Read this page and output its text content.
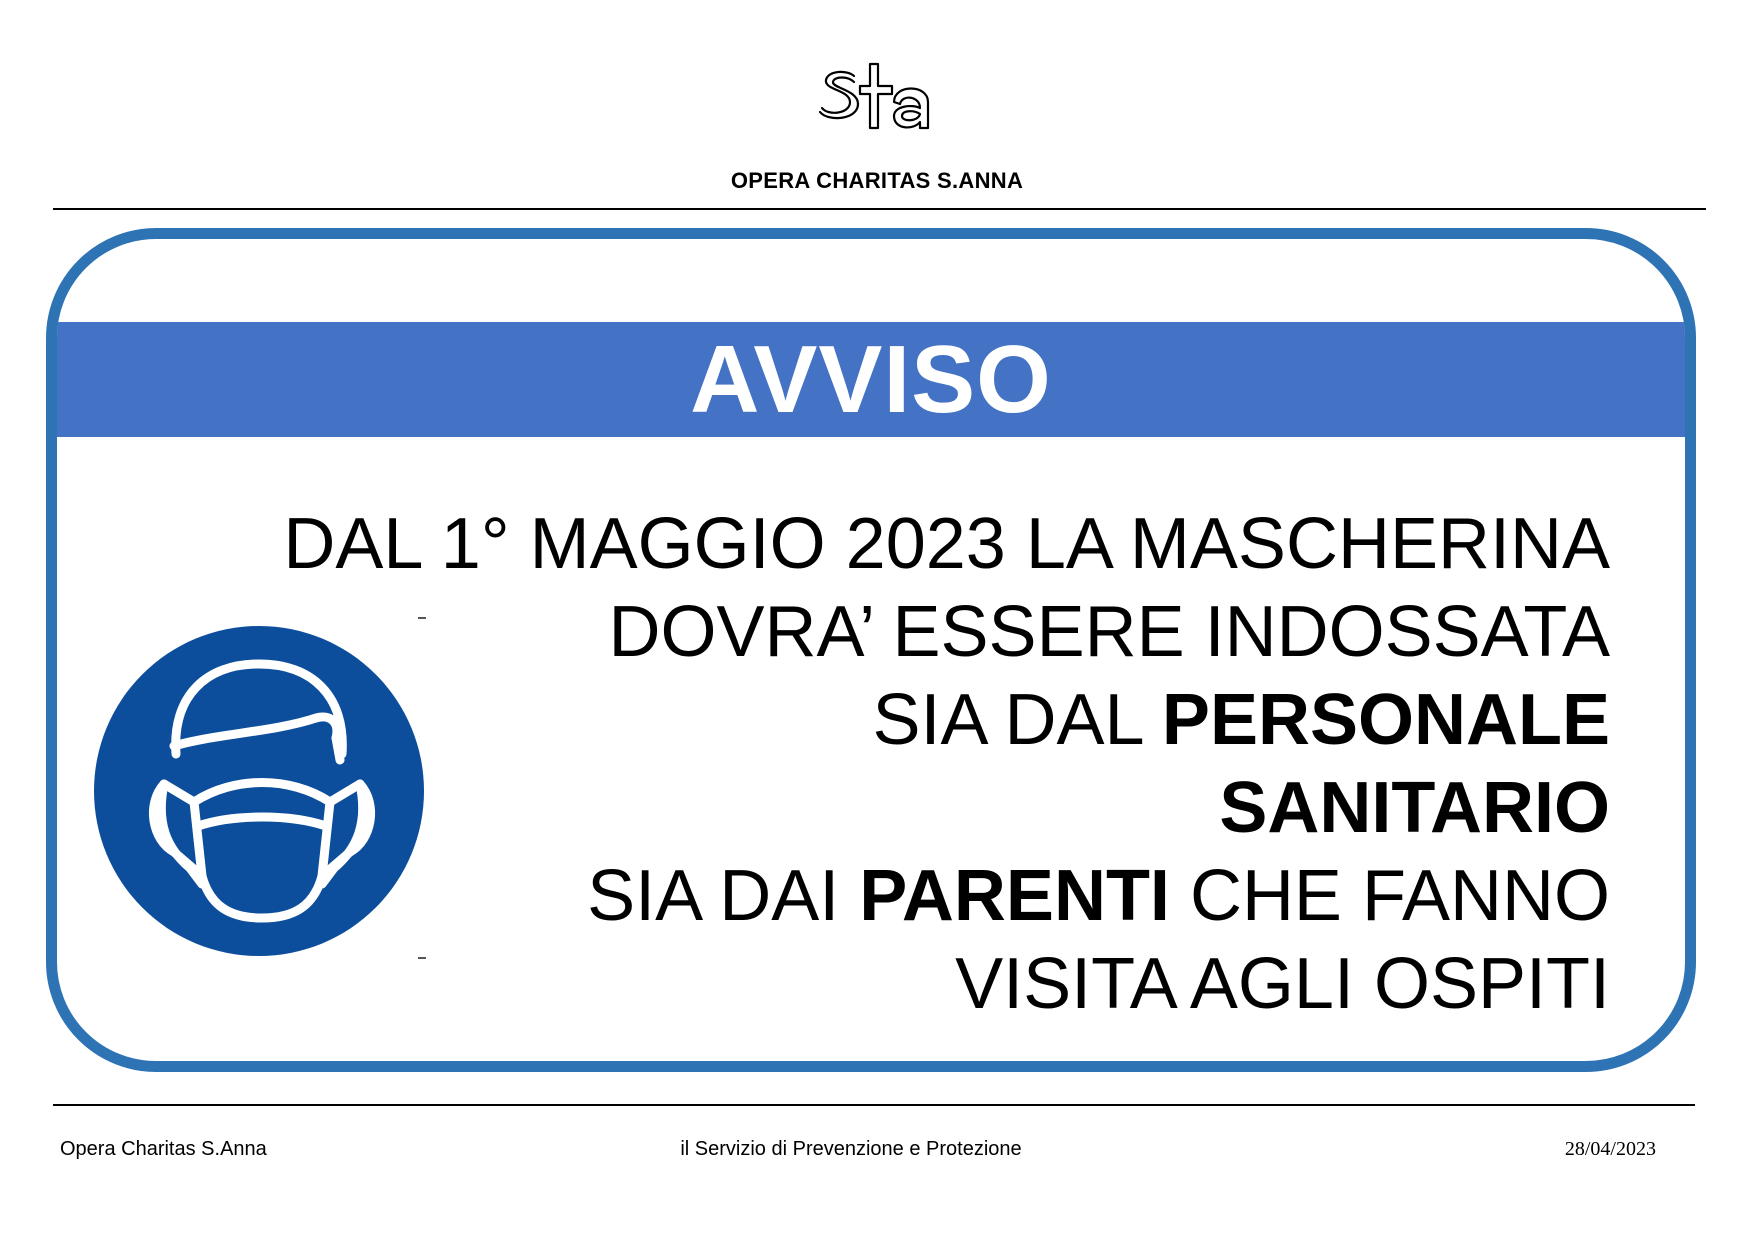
OPERA CHARITAS S.ANNA
AVVISO
DAL 1° MAGGIO 2023 LA MASCHERINA
DOVRA’ ESSERE INDOSSATA
SIA DAL PERSONALE
SANITARIO
SIA DAI PARENTI CHE FANNO
VISITA AGLI OSPITI
Opera Charitas S.Anna	il Servizio di Prevenzione e Protezione	28/04/2023
